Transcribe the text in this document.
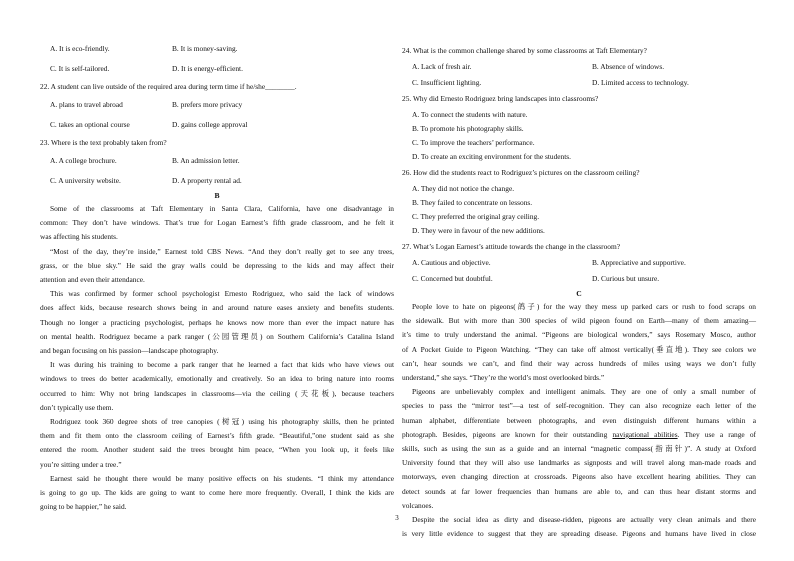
A. It is eco-friendly.	B. It is money-saving.
C. It is self-tailored.	D. It is energy-efficient.
22. A student can live outside of the required area during term time if he/she________.
A. plans to travel abroad	B. prefers more privacy
C. takes an optional course	D. gains college approval
23. Where is the text probably taken from?
A. A college brochure.	B. An admission letter.
C. A university website.	D. A property rental ad.
B

Some of the classrooms at Taft Elementary in Santa Clara, California, have one disadvantage in
common: They don’t have windows. That’s true for Logan Earnest’s fifth grade classroom, and he felt it
was affecting his students.

“Most of the day, they’re inside,” Earnest told CBS News. “And they don’t really get to see any trees,
grass, or the blue sky.” He said the gray walls could be depressing to the kids and may affect their
attention and even their attendance.

This was confirmed by former school psychologist Ernesto Rodriguez, who said the lack of windows
does affect kids, because research shows being in and around nature eases anxiety and benefits students.
Though no longer a practicing psychologist, perhaps he knows now more than ever the impact nature has
on mental health. Rodriguez became a park ranger (公园管理员) on Southern California’s Catalina Island
and began focusing on his passion—landscape photography.

It was during his training to become a park ranger that he learned a fact that kids who have views out
windows to trees do better academically, emotionally and creatively. So an idea to bring nature into rooms
occurred to him: Why not bring landscapes in classrooms—via the ceiling (天花板), because teachers
don’t typically use them.

Rodriguez took 360 degree shots of tree canopies (树冠) using his photography skills, then he printed
them and fit them onto the classroom ceiling of Earnest’s fifth grade. “Beautiful,”one student said as she
entered the room. Another student said the trees brought him peace, “When you look up, it feels like
you’re sitting under a tree.”

Earnest said he thought there would be many positive effects on his students. “I think my attendance
is going to go up. The kids are going to want to come here more frequently. Overall, I think the kids are
going to be happier,” he said.

24. What is the common challenge shared by some classrooms at Taft Elementary?
A. Lack of fresh air.	B. Absence of windows.
C. Insufficient lighting.	D. Limited access to technology.
25. Why did Ernesto Rodriguez bring landscapes into classrooms?
A. To connect the students with nature.
B. To promote his photography skills.
C. To improve the teachers’ performance.
D. To create an exciting environment for the students.
26. How did the students react to Rodriguez’s pictures on the classroom ceiling?
A. They did not notice the change.
B. They failed to concentrate on lessons.
C. They preferred the original gray ceiling.
D. They were in favour of the new additions.
27. What’s Logan Earnest’s attitude towards the change in the classroom?
A. Cautious and objective.	B. Appreciative and supportive.
C. Concerned but doubtful.	D. Curious but unsure.
C

People love to hate on pigeons(鸽子) for the way they mess up parked cars or rush to food scraps on
the sidewalk. But with more than 300 species of wild pigeon found on Earth—many of them amazing—
it’s time to truly understand the animal. “Pigeons are biological wonders,” says Rosemary Mosco, author
of A Pocket Guide to Pigeon Watching. “They can take off almost vertically(垂直地). They see colors we
can’t, hear sounds we can’t, and find their way across hundreds of miles using ways we don’t fully
understand,” she says. “They’re the world’s most overlooked birds.”

Pigeons are unbelievably complex and intelligent animals. They are one of only a small number of
species to pass the “mirror test”—a test of self-recognition. They can also recognize each letter of the
human alphabet, differentiate between photographs, and even distinguish different humans within a
photograph. Besides, pigeons are known for their outstanding navigational abilities. They use a range of
skills, such as using the sun as a guide and an internal “magnetic compass(指南针)”. A study at Oxford
University found that they will also use landmarks as signposts and will travel along man-made roads and
motorways, even changing direction at crossroads. Pigeons also have excellent hearing abilities. They can
detect sounds at far lower frequencies than humans are able to, and can thus hear distant storms and
volcanoes.

Despite the social idea as dirty and disease-ridden, pigeons are actually very clean animals and there
is very little evidence to suggest that they are spreading disease. Pigeons and humans have lived in close

3
